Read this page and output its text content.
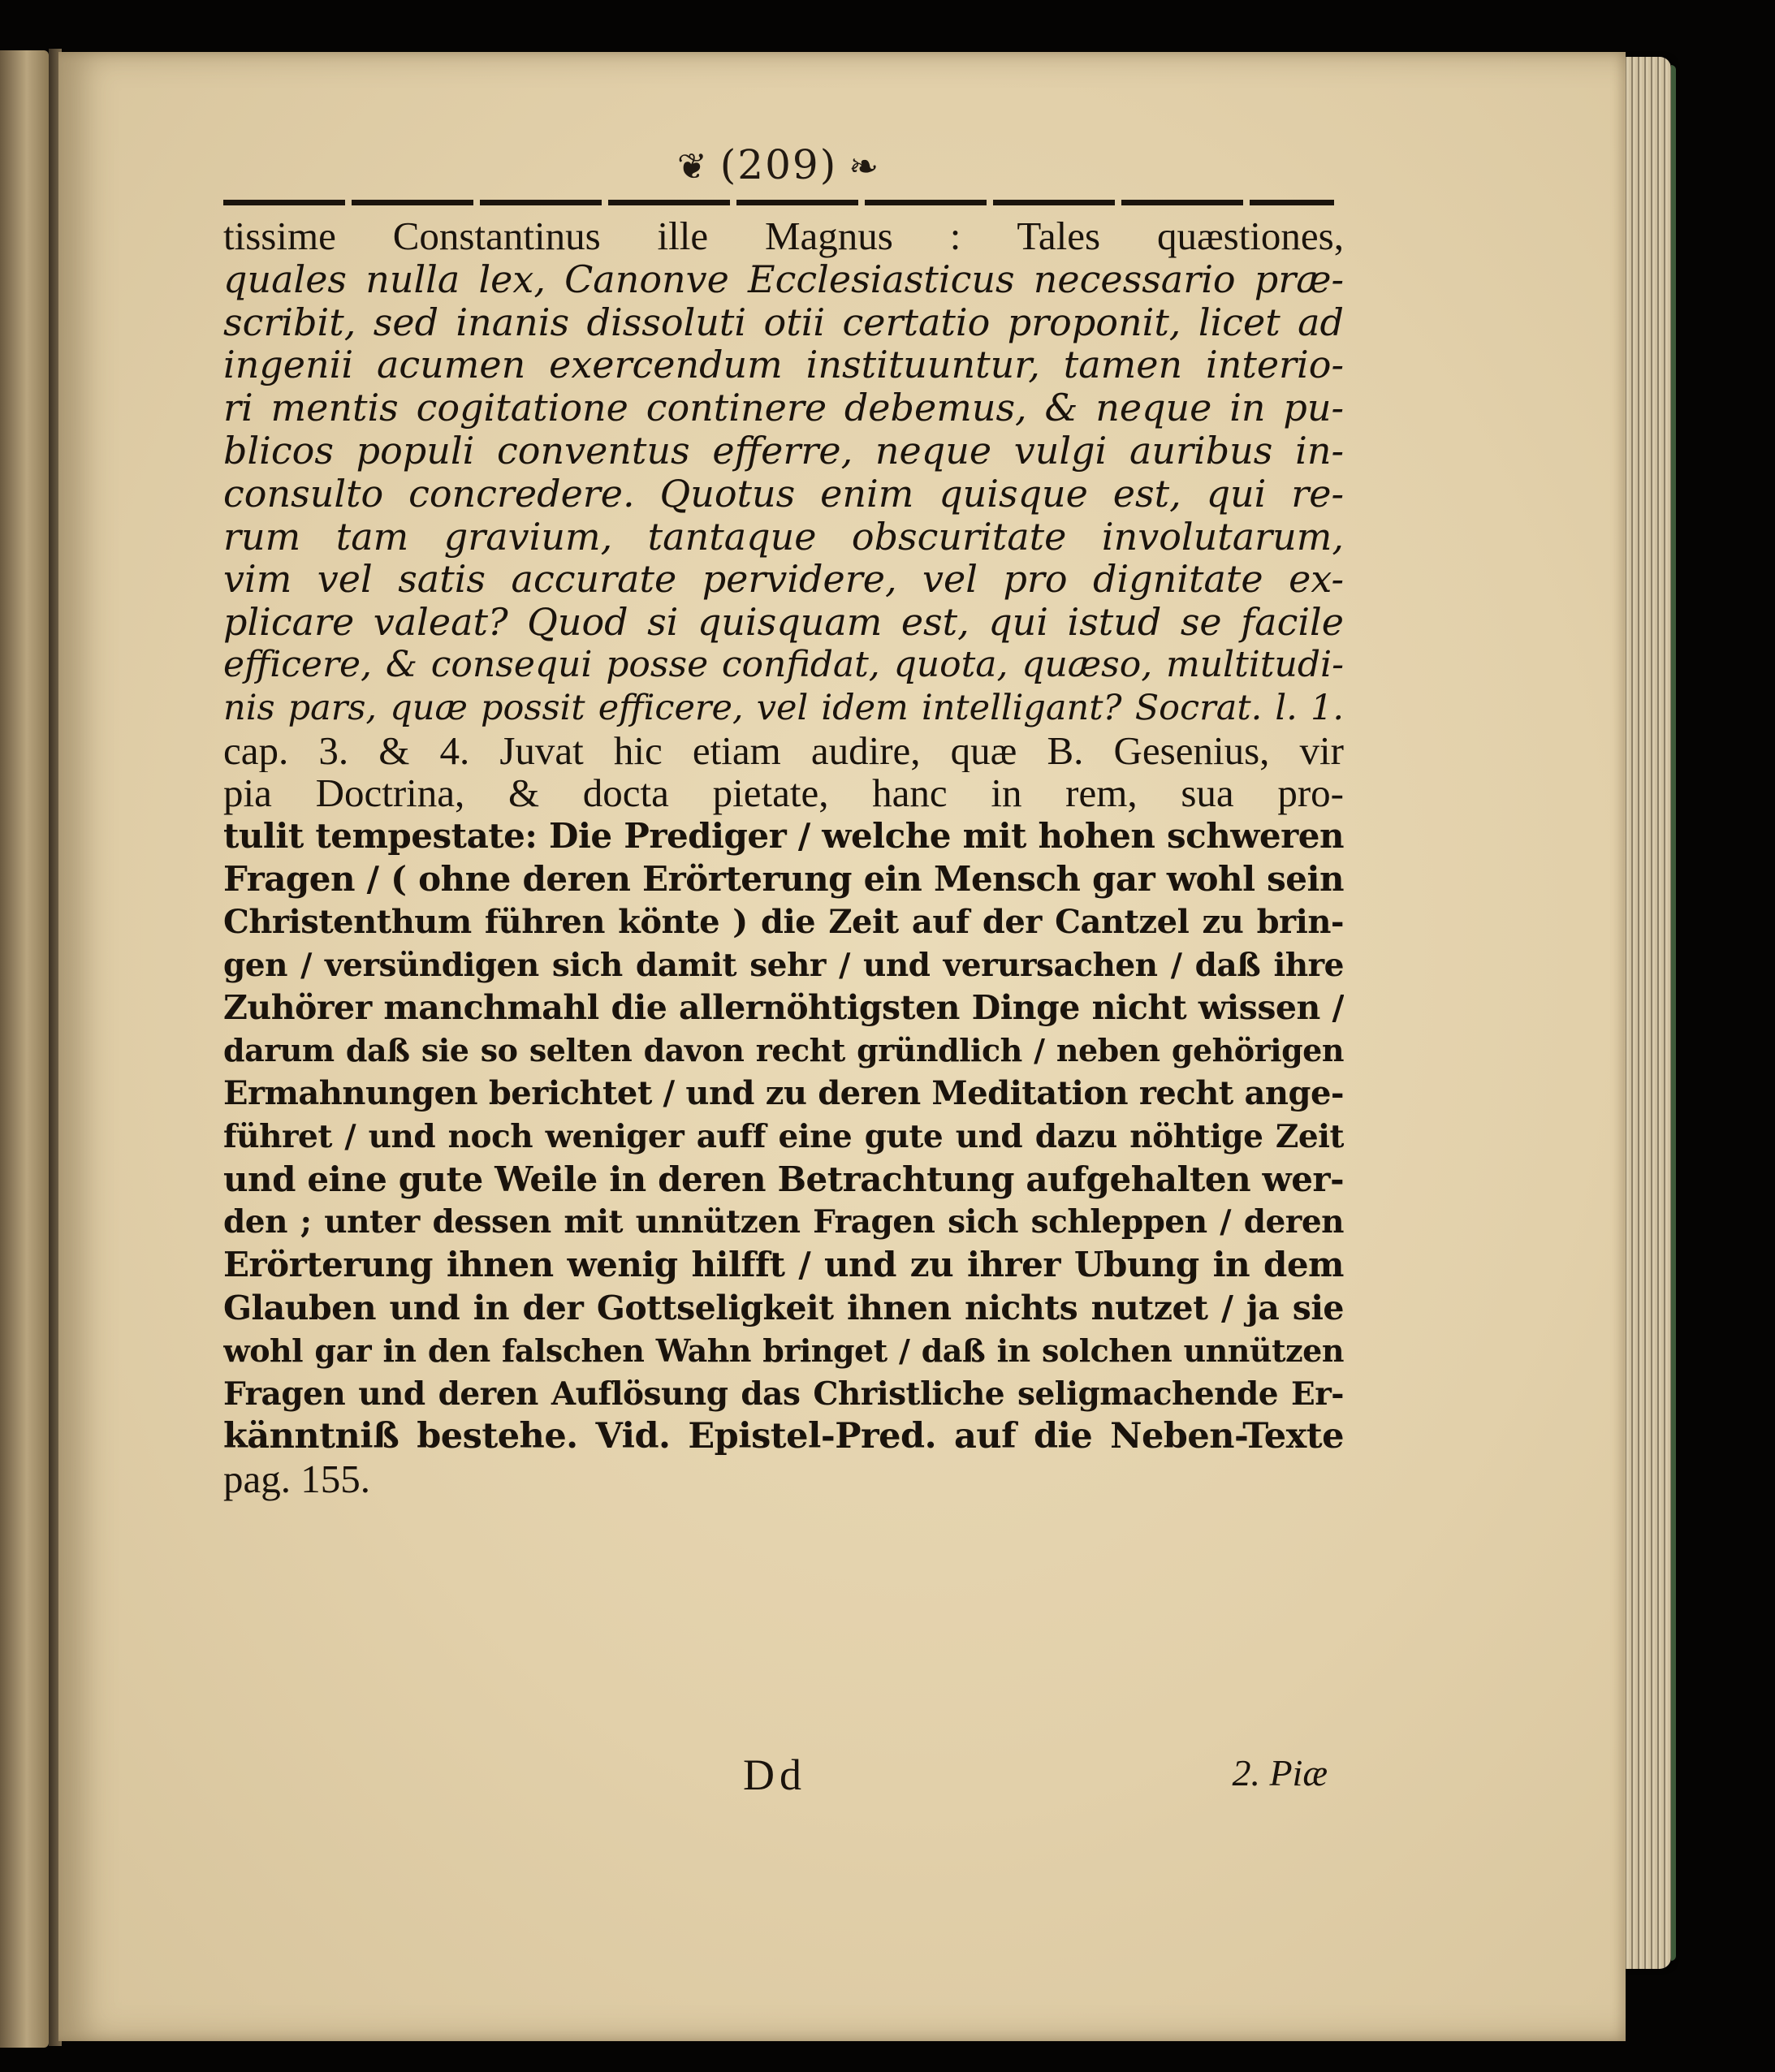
❦ (209) ❧
tissime Constantinus ille Magnus : Tales quæstiones,
quales nulla lex, Canonve Ecclesiasticus necessario præ-
scribit, sed inanis dissoluti otii certatio proponit, licet ad
ingenii acumen exercendum instituuntur, tamen interio-
ri mentis cogitatione continere debemus, & neque in pu-
blicos populi conventus efferre, neque vulgi auribus in-
consulto concredere. Quotus enim quisque est, qui re-
rum tam gravium, tantaque obscuritate involutarum,
vim vel satis accurate pervidere, vel pro dignitate ex-
plicare valeat? Quod si quisquam est, qui istud se facile
efficere, & consequi posse confidat, quota, quæso, multitudi-
nis pars, quæ possit efficere, vel idem intelligant? Socrat. l. 1.
cap. 3. & 4. Juvat hic etiam audire, quæ B. Gesenius, vir
pia Doctrina, & docta pietate, hanc in rem, sua pro-
tulit tempestate: Die Prediger / welche mit hohen schweren
Fragen / ( ohne deren Erörterung ein Mensch gar wohl sein
Christenthum führen könte ) die Zeit auf der Cantzel zu brin-
gen / versündigen sich damit sehr / und verursachen / daß ihre
Zuhörer manchmahl die allernöhtigsten Dinge nicht wissen /
darum daß sie so selten davon recht gründlich / neben gehörigen
Ermahnungen berichtet / und zu deren Meditation recht ange-
führet / und noch weniger auff eine gute und dazu nöhtige Zeit
und eine gute Weile in deren Betrachtung aufgehalten wer-
den ; unter dessen mit unnützen Fragen sich schleppen / deren
Erörterung ihnen wenig hilfft / und zu ihrer Ubung in dem
Glauben und in der Gottseligkeit ihnen nichts nutzet / ja sie
wohl gar in den falschen Wahn bringet / daß in solchen unnützen
Fragen und deren Auflösung das Christliche seligmachende Er-
känntniß bestehe. Vid. Epistel-Pred. auf die Neben-Texte
pag. 155.
Dd	2. Piæ
